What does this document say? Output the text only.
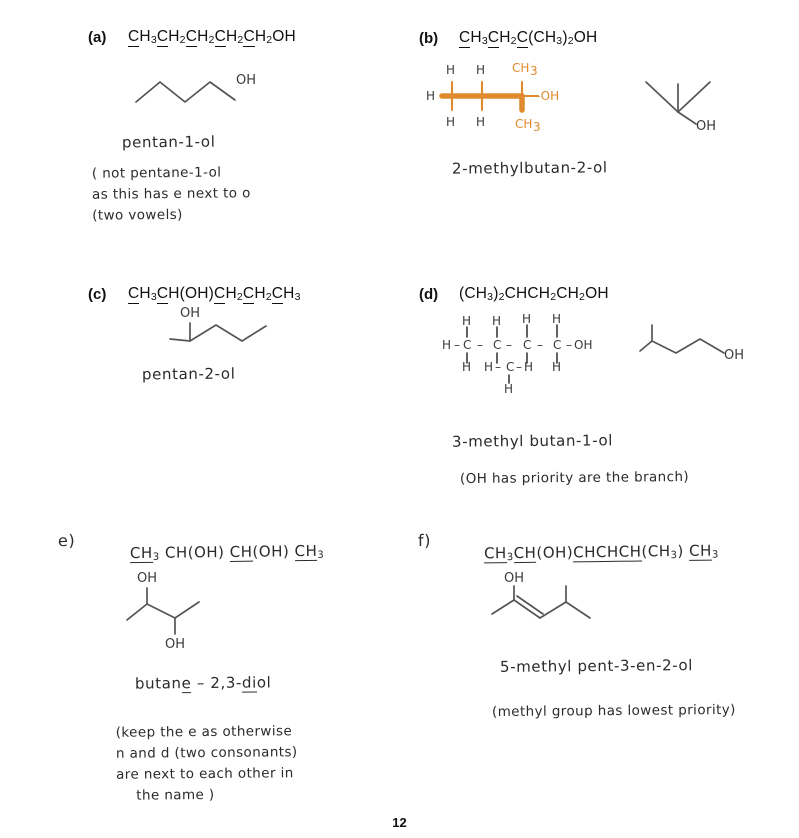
(a) $CH_3CH_2CH_2CH_2CH_2OH$
OH
pentan-1-ol
( not pentane-1-ol
as this has e next to o
(two vowels)
(b) $CH_3CH_2C(CH_3)_2OH$
H H CH 3
H
H H CH 3
-OH
OH
2-methylbutan-2-ol
(c) $CH_3CH(OH)CH_2CH_2CH_3$
OH
pentan-2-ol
(d) $(CH_3)_2CHCH_2CH_2OH$
H H H H
H – C – C – C – C – OH
H H – C – H H
H
OH
3-methyl butan-1-ol
(OH has priority are the branch)
e)
$CH_3$ CH(OH) CH(OH) $CH_3$
OH
OH
butane – 2,3-diol
(keep the e as otherwise
n and d (two consonants)
are next to each other in
the name )
f)
$CH_3CH(OH)CHCHCH(CH_3)$ $CH_3$
OH
5-methyl pent-3-en-2-ol
(methyl group has lowest priority)
12
